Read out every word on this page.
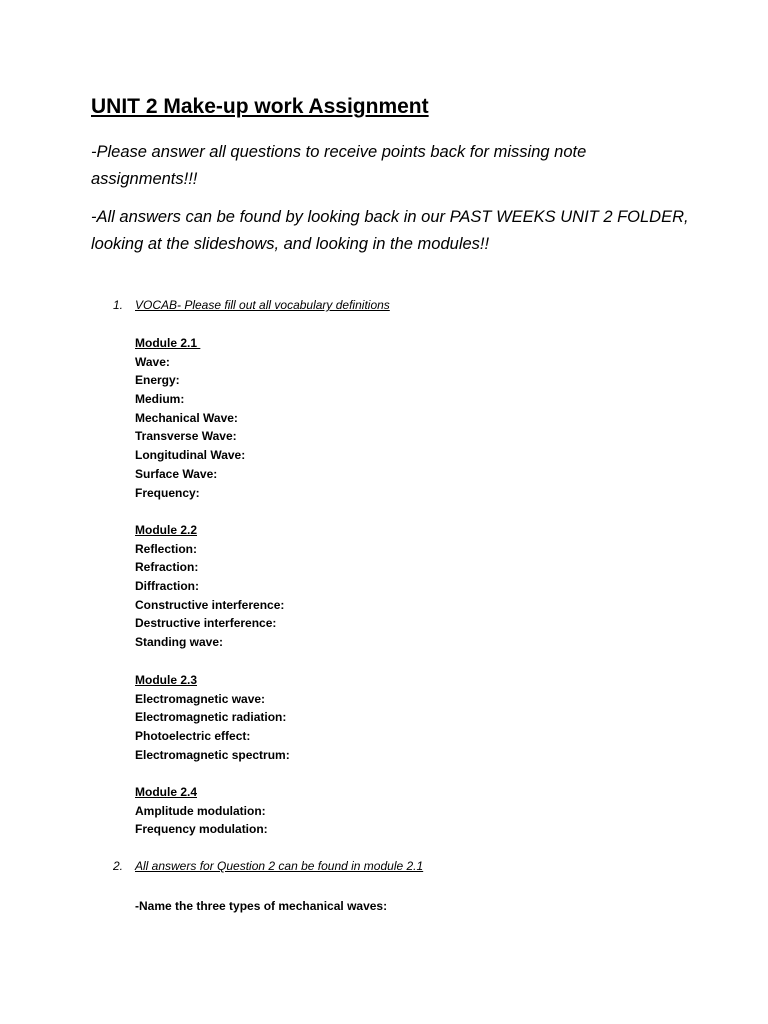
UNIT 2 Make-up work Assignment

-Please answer all questions to receive points back for missing note assignments!!!

-All answers can be found by looking back in our PAST WEEKS UNIT 2 FOLDER, looking at the slideshows, and looking in the modules!!

1. VOCAB- Please fill out all vocabulary definitions
Module 2.1
Wave:
Energy:
Medium:
Mechanical Wave:
Transverse Wave:
Longitudinal Wave:
Surface Wave:
Frequency:
Module 2.2
Reflection:
Refraction:
Diffraction:
Constructive interference:
Destructive interference:
Standing wave:
Module 2.3
Electromagnetic wave:
Electromagnetic radiation:
Photoelectric effect:
Electromagnetic spectrum:
Module 2.4
Amplitude modulation:
Frequency modulation:
2. All answers for Question 2 can be found in module 2.1
-Name the three types of mechanical waves:
